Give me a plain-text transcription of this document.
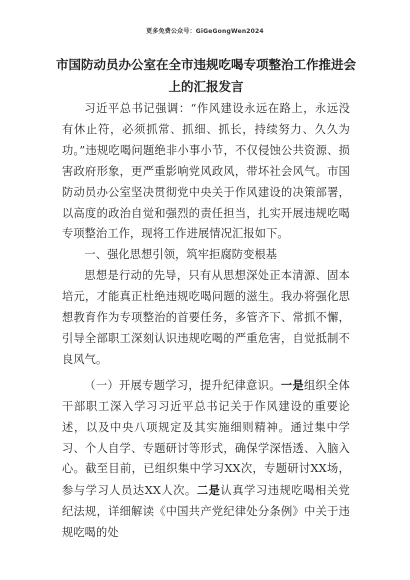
更多免费公众号：GiGeGongWen2024
市国防动员办公室在全市违规吃喝专项整治工作推进会上的汇报发言

习近平总书记强调：“作风建设永远在路上，永远没有休止符，必须抓常、抓细、抓长，持续努力、久久为功。”违规吃喝问题绝非小事小节，不仅侵蚀公共资源、损害政府形象，更严重影响党风政风，带坏社会风气。市国防动员办公室坚决贯彻党中央关于作风建设的决策部署，以高度的政治自觉和强烈的责任担当，扎实开展违规吃喝专项整治工作，现将工作进展情况汇报如下。

一、强化思想引领，筑牢拒腐防变根基

思想是行动的先导，只有从思想深处正本清源、固本培元，才能真正杜绝违规吃喝问题的滋生。我办将强化思想教育作为专项整治的首要任务，多管齐下、常抓不懈，引导全部职工深刻认识违规吃喝的严重危害，自觉抵制不良风气。

（一）开展专题学习，提升纪律意识。一是组织全体干部职工深入学习习近平总书记关于作风建设的重要论述，以及中央八项规定及其实施细则精神。通过集中学习、个人自学、专题研讨等形式，确保学深悟透、入脑入心。截至目前，已组织集中学习XX次，专题研讨XX场，参与学习人员达XX人次。二是认真学习违规吃喝相关党纪法规，详细解读《中国共产党纪律处分条例》中关于违规吃喝的处
